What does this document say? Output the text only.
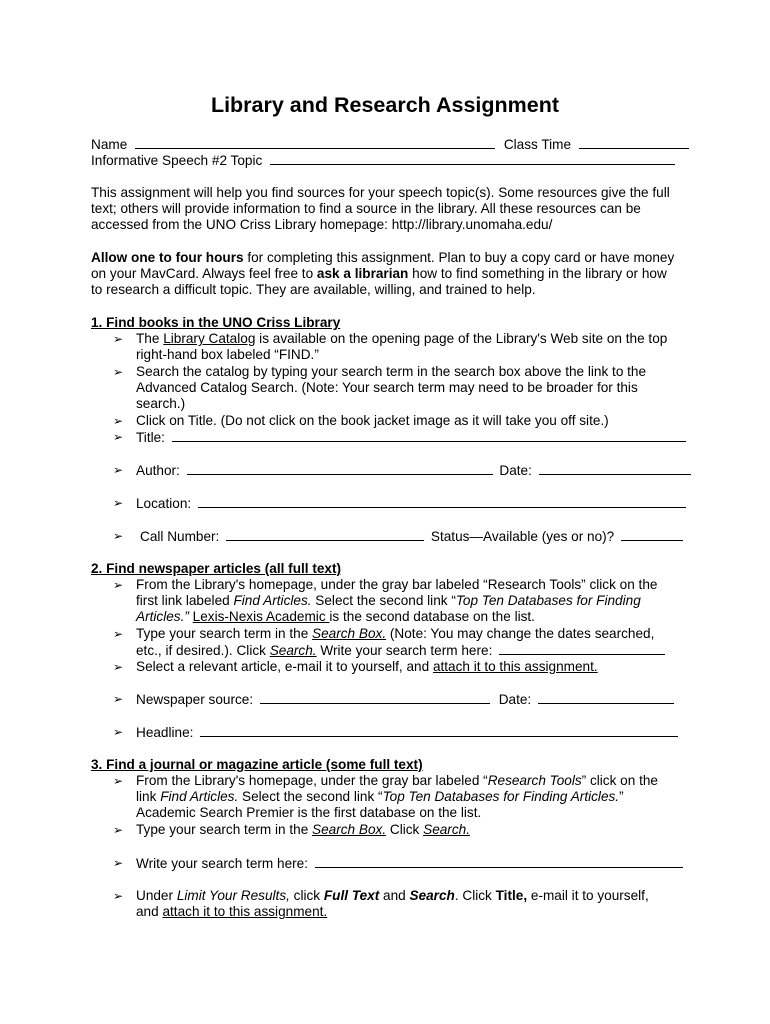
Library and Research Assignment
Name	Class Time
Informative Speech #2 Topic
This assignment will help you find sources for your speech topic(s). Some resources give the full
text; others will provide information to find a source in the library. All these resources can be
accessed from the UNO Criss Library homepage: http://library.unomaha.edu/
Allow one to four hours for completing this assignment. Plan to buy a copy card or have money
on your MavCard. Always feel free to ask a librarian how to find something in the library or how
to research a difficult topic. They are available, willing, and trained to help.
1. Find books in the UNO Criss Library
➢ The Library Catalog is available on the opening page of the Library's Web site on the top
right-hand box labeled “FIND.”
➢ Search the catalog by typing your search term in the search box above the link to the
Advanced Catalog Search. (Note: Your search term may need to be broader for this
search.)
➢ Click on Title. (Do not click on the book jacket image as it will take you off site.)
➢ Title:
➢ Author:	Date:
➢ Location:
➢ Call Number:	Status—Available (yes or no)?
2. Find newspaper articles (all full text)
➢ From the Library's homepage, under the gray bar labeled “Research Tools” click on the
first link labeled Find Articles. Select the second link “Top Ten Databases for Finding
Articles.” Lexis-Nexis Academic is the second database on the list.
➢ Type your search term in the Search Box. (Note: You may change the dates searched,
etc., if desired.). Click Search. Write your search term here:
➢ Select a relevant article, e-mail it to yourself, and attach it to this assignment.
➢ Newspaper source:	Date:
➢ Headline:
3. Find a journal or magazine article (some full text)
➢ From the Library's homepage, under the gray bar labeled “Research Tools” click on the
link Find Articles. Select the second link “Top Ten Databases for Finding Articles.”
Academic Search Premier is the first database on the list.
➢ Type your search term in the Search Box. Click Search.
➢ Write your search term here:
➢ Under Limit Your Results, click Full Text and Search. Click Title, e-mail it to yourself,
and attach it to this assignment.
